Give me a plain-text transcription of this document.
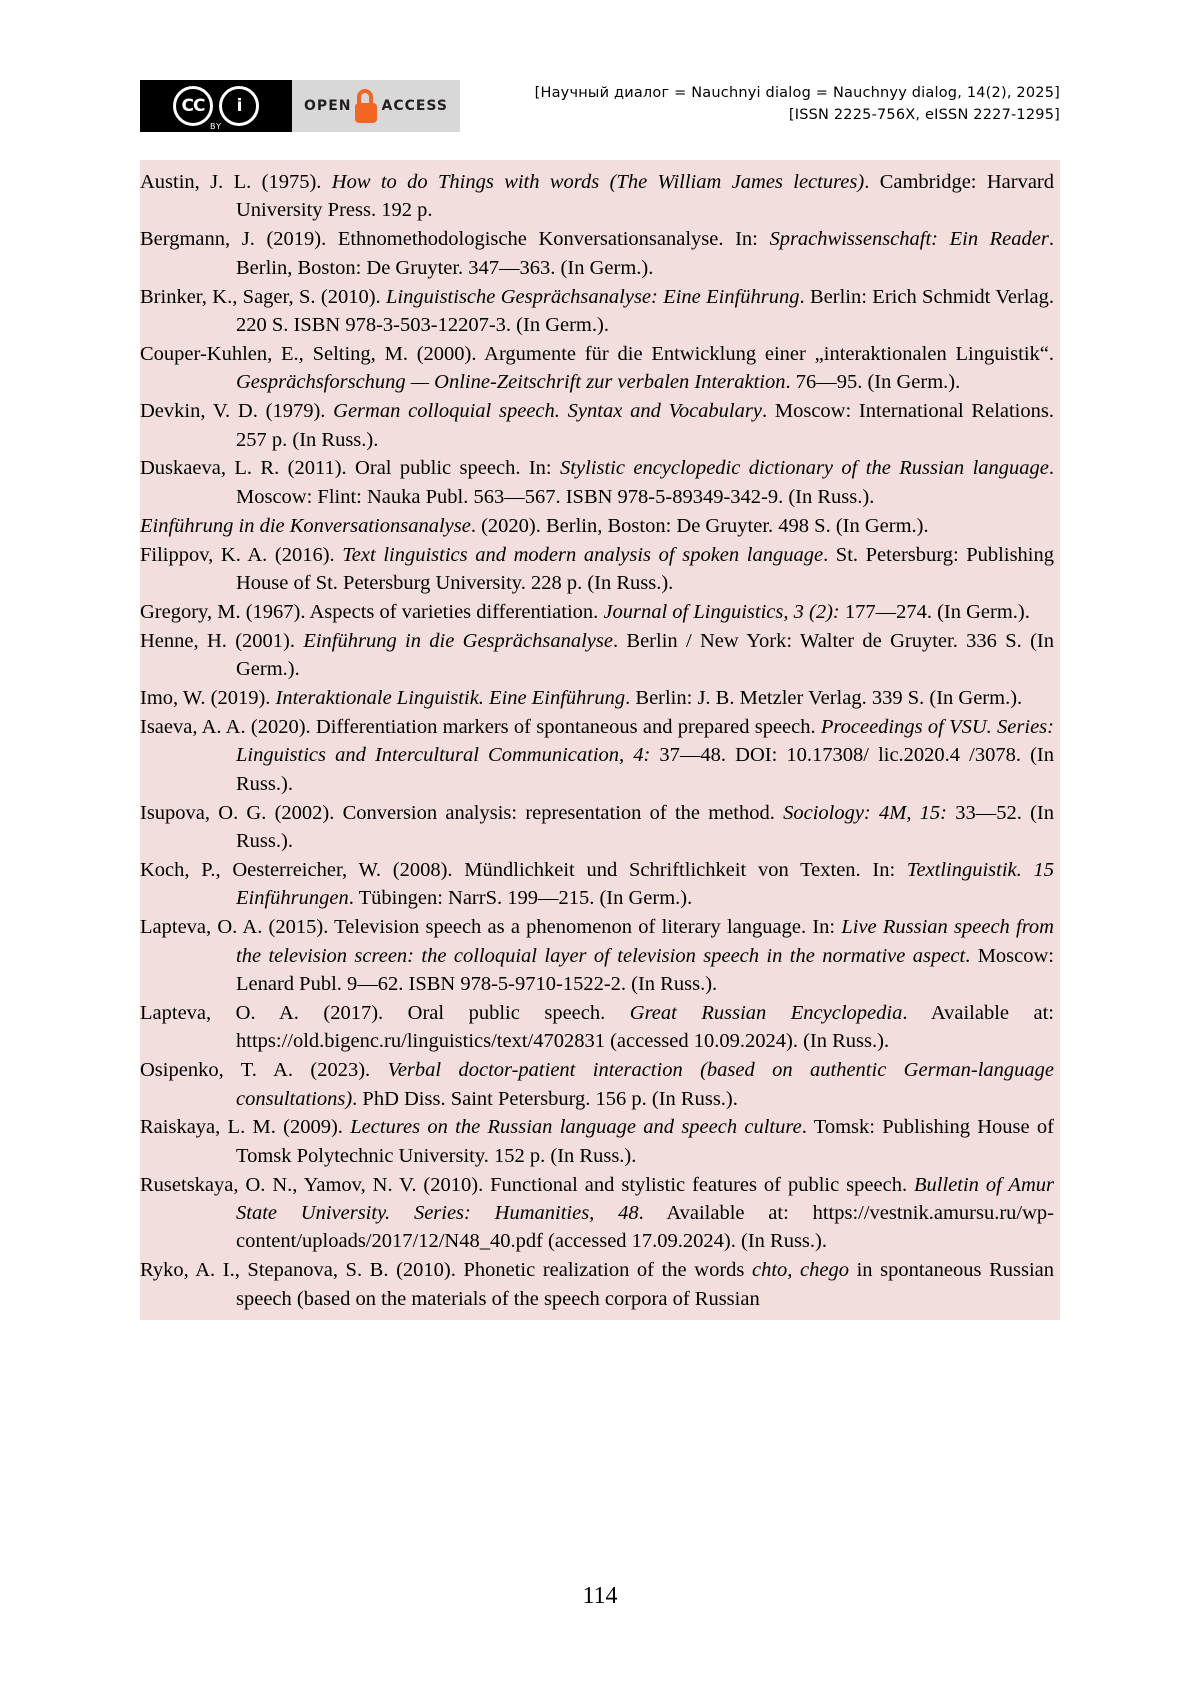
CC	i
BY
OPEN ACCESS
[Научный диалог = Nauchnyi dialog = Nauchnyy dialog, 14(2), 2025]
[ISSN 2225-756X, eISSN 2227-1295]

Austin, J. L. (1975). How to do Things with words (The William James lectures). Cambridge: Harvard University Press. 192 p.

Bergmann, J. (2019). Ethnomethodologische Konversationsanalyse. In: Sprachwissenschaft: Ein Reader. Berlin, Boston: De Gruyter. 347—363. (In Germ.).

Brinker, K., Sager, S. (2010). Linguistische Gesprächsanalyse: Eine Einführung. Berlin: Erich Schmidt Verlag. 220 S. ISBN 978-3-503-12207-3. (In Germ.).

Couper-Kuhlen, E., Selting, M. (2000). Argumente für die Entwicklung einer „interaktionalen Linguistik“. Gesprächsforschung — Online-Zeitschrift zur verbalen Interaktion. 76—95. (In Germ.).

Devkin, V. D. (1979). German colloquial speech. Syntax and Vocabulary. Moscow: International Relations. 257 p. (In Russ.).

Duskaeva, L. R. (2011). Oral public speech. In: Stylistic encyclopedic dictionary of the Russian language. Moscow: Flint: Nauka Publ. 563—567. ISBN 978-5-89349-342-9. (In Russ.).

Einführung in die Konversationsanalyse. (2020). Berlin, Boston: De Gruyter. 498 S. (In Germ.).

Filippov, K. A. (2016). Text linguistics and modern analysis of spoken language. St. Petersburg: Publishing House of St. Petersburg University. 228 p. (In Russ.).

Gregory, M. (1967). Aspects of varieties differentiation. Journal of Linguistics, 3 (2): 177—274. (In Germ.).

Henne, H. (2001). Einführung in die Gesprächsanalyse. Berlin / New York: Walter de Gruyter. 336 S. (In Germ.).

Imo, W. (2019). Interaktionale Linguistik. Eine Einführung. Berlin: J. B. Metzler Verlag. 339 S. (In Germ.).

Isaeva, A. A. (2020). Differentiation markers of spontaneous and prepared speech. Proceedings of VSU. Series: Linguistics and Intercultural Communication, 4: 37—48. DOI: 10.17308/ lic.2020.4 /3078. (In Russ.).

Isupova, O. G. (2002). Conversion analysis: representation of the method. Sociology: 4M, 15: 33—52. (In Russ.).

Koch, P., Oesterreicher, W. (2008). Mündlichkeit und Schriftlichkeit von Texten. In: Textlinguistik. 15 Einführungen. Tübingen: NarrS. 199—215. (In Germ.).

Lapteva, O. A. (2015). Television speech as a phenomenon of literary language. In: Live Russian speech from the television screen: the colloquial layer of television speech in the normative aspect. Moscow: Lenard Publ. 9—62. ISBN 978-5-9710-1522-2. (In Russ.).

Lapteva, O. A. (2017). Oral public speech. Great Russian Encyclopedia. Available at: https://old.bigenc.ru/linguistics/text/4702831 (accessed 10.09.2024). (In Russ.).

Osipenko, T. A. (2023). Verbal doctor-patient interaction (based on authentic German-language consultations). PhD Diss. Saint Petersburg. 156 p. (In Russ.).

Raiskaya, L. M. (2009). Lectures on the Russian language and speech culture. Tomsk: Publishing House of Tomsk Polytechnic University. 152 p. (In Russ.).

Rusetskaya, O. N., Yamov, N. V. (2010). Functional and stylistic features of public speech. Bulletin of Amur State University. Series: Humanities, 48. Available at: https://vestnik.amursu.ru/wp-content/uploads/2017/12/N48_40.pdf (accessed 17.09.2024). (In Russ.).

Ryko, A. I., Stepanova, S. B. (2010). Phonetic realization of the words chto, chego in spontaneous Russian speech (based on the materials of the speech corpora of Russian

114
